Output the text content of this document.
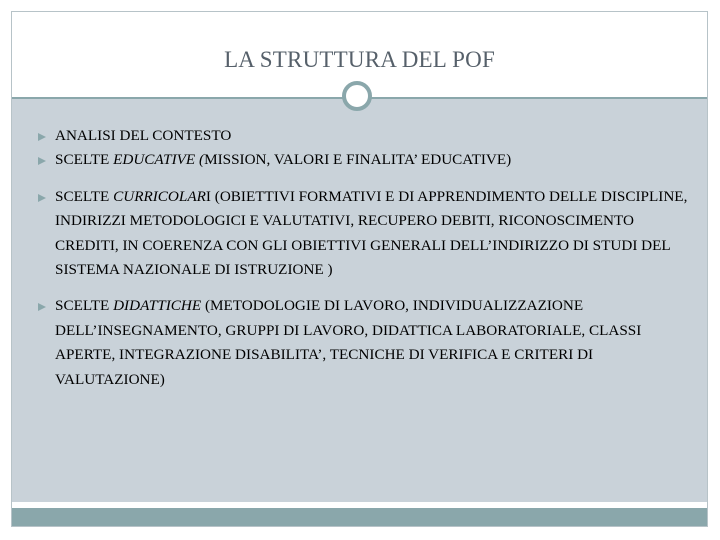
LA STRUTTURA DEL POF
ANALISI DEL CONTESTO
SCELTE EDUCATIVE (MISSION, VALORI E FINALITA’ EDUCATIVE)
SCELTE CURRICOLARI (OBIETTIVI FORMATIVI E DI APPRENDIMENTO DELLE DISCIPLINE, INDIRIZZI METODOLOGICI E VALUTATIVI, RECUPERO DEBITI, RICONOSCIMENTO CREDITI, IN COERENZA CON GLI OBIETTIVI GENERALI DELL’INDIRIZZO DI STUDI DEL SISTEMA NAZIONALE DI ISTRUZIONE )
SCELTE DIDATTICHE (METODOLOGIE DI LAVORO, INDIVIDUALIZZAZIONE DELL’INSEGNAMENTO, GRUPPI DI LAVORO, DIDATTICA LABORATORIALE, CLASSI APERTE, INTEGRAZIONE DISABILITA’, TECNICHE DI VERIFICA E CRITERI DI VALUTAZIONE)
